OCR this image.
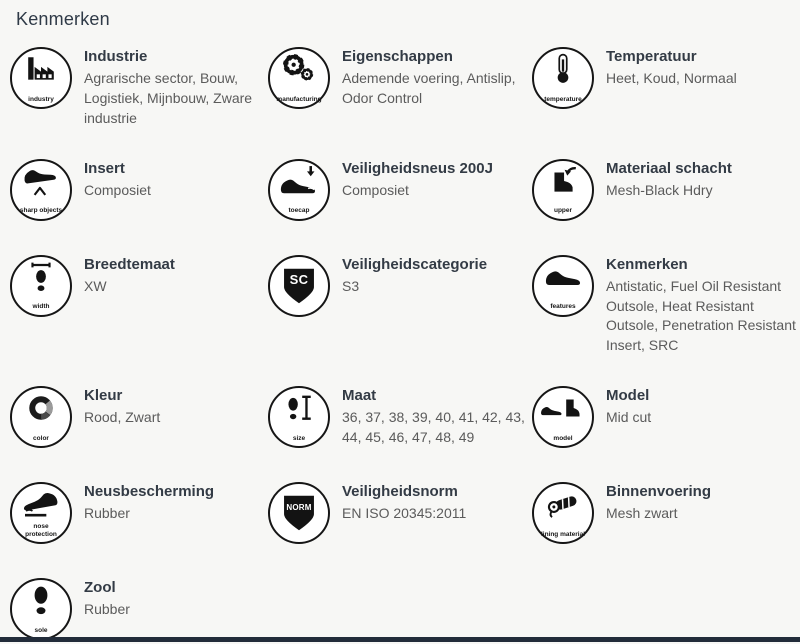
Kenmerken
industry
Industrie
Agrarische sector, Bouw, Logistiek, Mijnbouw, Zware industrie
manufacturing
Eigenschappen
Ademende voering, Antislip, Odor Control	temperature
Temperatuur
Heet, Koud, Normaal
sharp objects
Insert
Composiet
toecap
Veiligheidsneus 200J
Composiet
upper
Materiaal schacht
Mesh-Black Hdry
width
Breedtemaat
XW	SC
Veiligheidscategorie
S3
features
Kenmerken
Antistatic, Fuel Oil Resistant Outsole, Heat Resistant Outsole, Penetration Resistant Insert, SRC
color
Kleur
Rood, Zwart
size
Maat
36, 37, 38, 39, 40, 41, 42, 43, 44, 45, 46, 47, 48, 49	model
Model
Mid cut
nose protection
Neusbescherming
Rubber	NORM
Veiligheidsnorm
EN ISO 20345:2011
lining material
Binnenvoering
Mesh zwart
sole
Zool
Rubber
